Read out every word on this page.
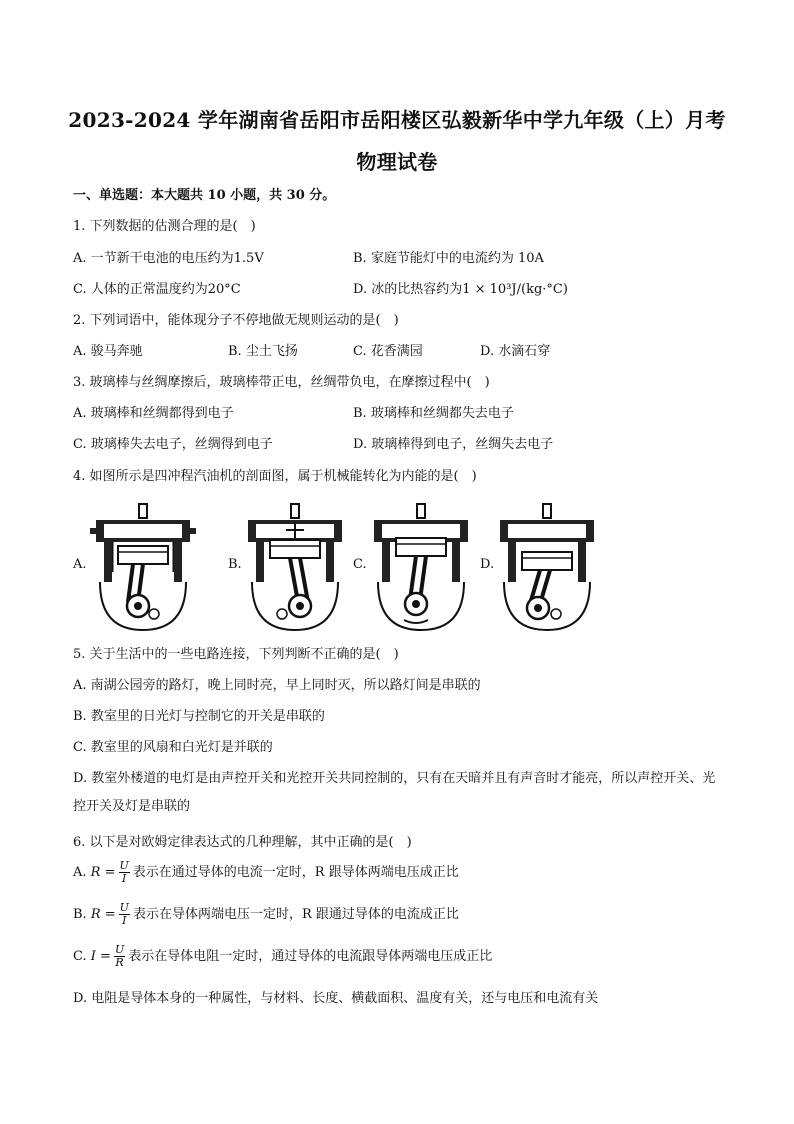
2023-2024 学年湖南省岳阳市岳阳楼区弘毅新华中学九年级（上）月考
物理试卷
一、单选题：本大题共 10 小题，共 30 分。
1. 下列数据的估测合理的是(　)
A. 一节新干电池的电压约为1.5V	B. 家庭节能灯中的电流约为 10A
C. 人体的正常温度约为20°C	D. 冰的比热容约为1 × 10³J/(kg·°C)
2. 下列词语中，能体现分子不停地做无规则运动的是(　)
A. 骏马奔驰	B. 尘土飞扬	C. 花香满园	D. 水滴石穿
3. 玻璃棒与丝绸摩擦后，玻璃棒带正电，丝绸带负电，在摩擦过程中(　)
A. 玻璃棒和丝绸都得到电子	B. 玻璃棒和丝绸都失去电子
C. 玻璃棒失去电子，丝绸得到电子	D. 玻璃棒得到电子，丝绸失去电子
4. 如图所示是四冲程汽油机的剖面图，属于机械能转化为内能的是(　)
A.	B.	C.	D.
5. 关于生活中的一些电路连接，下列判断不正确的是(　)
A. 南湖公园旁的路灯，晚上同时亮，早上同时灭，所以路灯间是串联的
B. 教室里的日光灯与控制它的开关是串联的
C. 教室里的风扇和白光灯是并联的
D. 教室外楼道的电灯是由声控开关和光控开关共同控制的，只有在天暗并且有声音时才能亮，所以声控开关、光控开关及灯是串联的
6. 以下是对欧姆定律表达式的几种理解，其中正确的是(　)
A. $R = \frac{U}{I}$ 表示在通过导体的电流一定时，R 跟导体两端电压成正比
B. $R = \frac{U}{I}$ 表示在导体两端电压一定时，R 跟通过导体的电流成正比
C. $I = \frac{U}{R}$ 表示在导体电阻一定时，通过导体的电流跟导体两端电压成正比
D. 电阻是导体本身的一种属性，与材料、长度、横截面积、温度有关，还与电压和电流有关
